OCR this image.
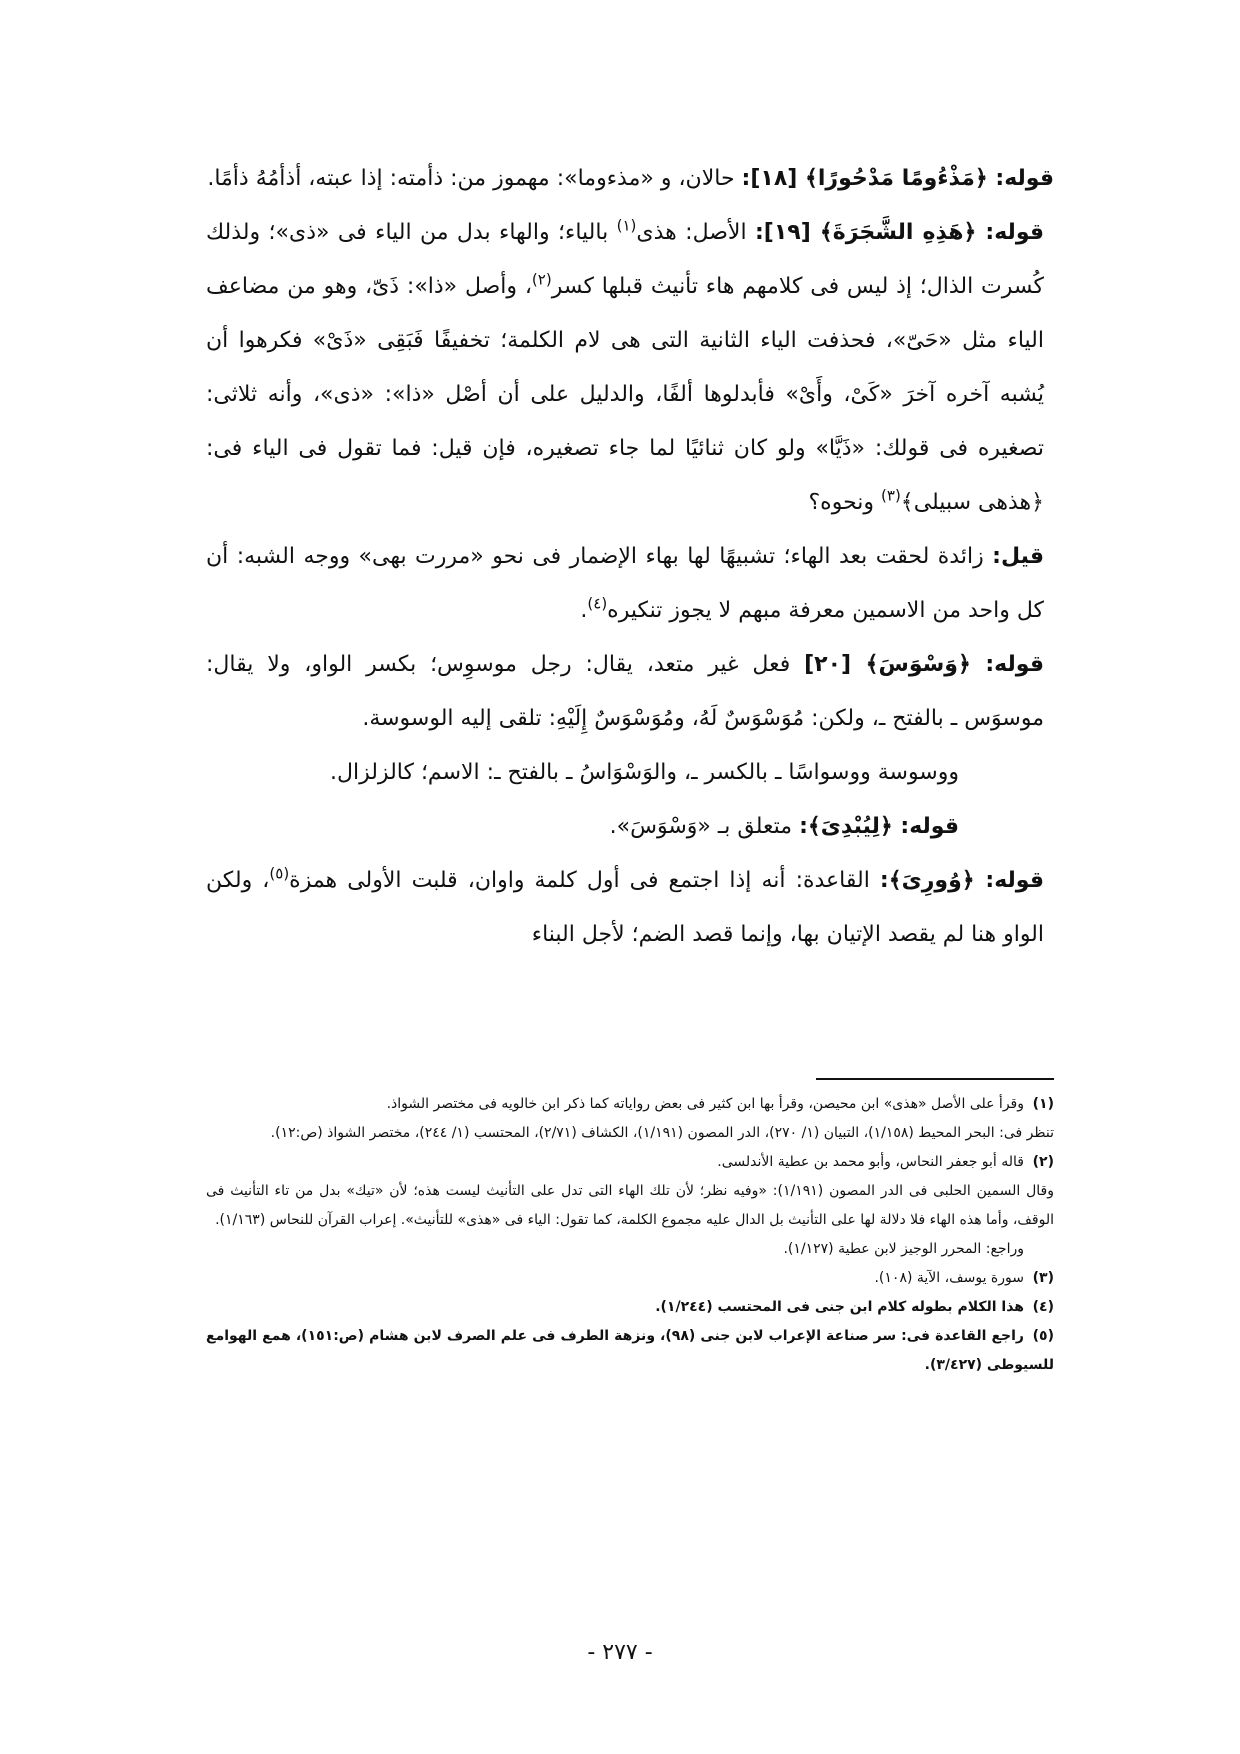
قوله: ﴿مَذْءُومًا مَدْحُورًا﴾ [١٨]: حالان، و «مذءوما»: مهموز من: ذأمته: إذا عبته، أذأمُهُ ذأمًا.

قوله: ﴿هَذِهِ الشَّجَرَةَ﴾ [١٩]: الأصل: هذى$^{(١)}$ بالياء؛ والهاء بدل من الياء فى «ذى»؛ ولذلك كُسرت الذال؛ إذ ليس فى كلامهم هاء تأنيث قبلها كسر$^{(٢)}$، وأصل «ذا»: ذَىّ، وهو من مضاعف الياء مثل «حَىّ»، فحذفت الياء الثانية التى هى لام الكلمة؛ تخفيفًا فَبَقِى «ذَىْ» فكرهوا أن يُشبه آخره آخرَ «كَىْ، وأَىْ» فأبدلوها ألفًا، والدليل على أن أصْل «ذا»: «ذى»، وأنه ثلاثى: تصغيره فى قولك: «ذَيَّا» ولو كان ثنائيًا لما جاء تصغيره، فإن قيل: فما تقول فى الياء فى: ﴿هذهى سبيلى﴾$^{(٣)}$ ونحوه؟

قيل: زائدة لحقت بعد الهاء؛ تشبيهًا لها بهاء الإضمار فى نحو «مررت بهى» ووجه الشبه: أن كل واحد من الاسمين معرفة مبهم لا يجوز تنكيره$^{(٤)}$.

قوله: ﴿وَسْوَسَ﴾ [٢٠] فعل غير متعد، يقال: رجل موسوِس؛ بكسر الواو، ولا يقال: موسوَس ـ بالفتح ـ، ولكن: مُوَسْوَسٌ لَهُ، ومُوَسْوَسٌ إِلَيْهِ: تلقى إليه الوسوسة.

ووسوسة ووسواسًا ـ بالكسر ـ، والوَسْوَاسُ ـ بالفتح ـ: الاسم؛ كالزلزال.

قوله: ﴿لِيُبْدِىَ﴾: متعلق بـ «وَسْوَسَ».

قوله: ﴿وُورِىَ﴾: القاعدة: أنه إذا اجتمع فى أول كلمة واوان، قلبت الأولى همزة$^{(٥)}$، ولكن الواو هنا لم يقصد الإتيان بها، وإنما قصد الضم؛ لأجل البناء

(١)وقرأ على الأصل «هذى» ابن محيصن، وقرأ بها ابن كثير فى بعض رواياته كما ذكر ابن خالويه فى مختصر الشواذ.

تنظر فى: البحر المحيط (١/١٥٨)، التبيان (١/ ٢٧٠)، الدر المصون (١/١٩١)، الكشاف (٢/٧١)، المحتسب (١/ ٢٤٤)، مختصر الشواذ (ص:١٢).

(٢)قاله أبو جعفر النحاس، وأبو محمد بن عطية الأندلسى.

وقال السمين الحلبى فى الدر المصون (١/١٩١): «وفيه نظر؛ لأن تلك الهاء التى تدل على التأنيث ليست هذه؛ لأن «تيك» بدل من تاء التأنيث فى الوقف، وأما هذه الهاء فلا دلالة لها على التأنيث بل الدال عليه مجموع الكلمة، كما تقول: الياء فى «هذى» للتأنيث». إعراب القرآن للنحاس (١/١٦٣).

وراجع: المحرر الوجيز لابن عطية (١/١٢٧).

(٣)سورة يوسف، الآية (١٠٨).

(٤)هذا الكلام بطوله كلام ابن جنى فى المحتسب (١/٢٤٤).

(٥)راجع القاعدة فى: سر صناعة الإعراب لابن جنى (٩٨)، ونزهة الطرف فى علم الصرف لابن هشام (ص:١٥١)، همع الهوامع للسيوطى (٣/٤٢٧).

- ٢٧٧ -
